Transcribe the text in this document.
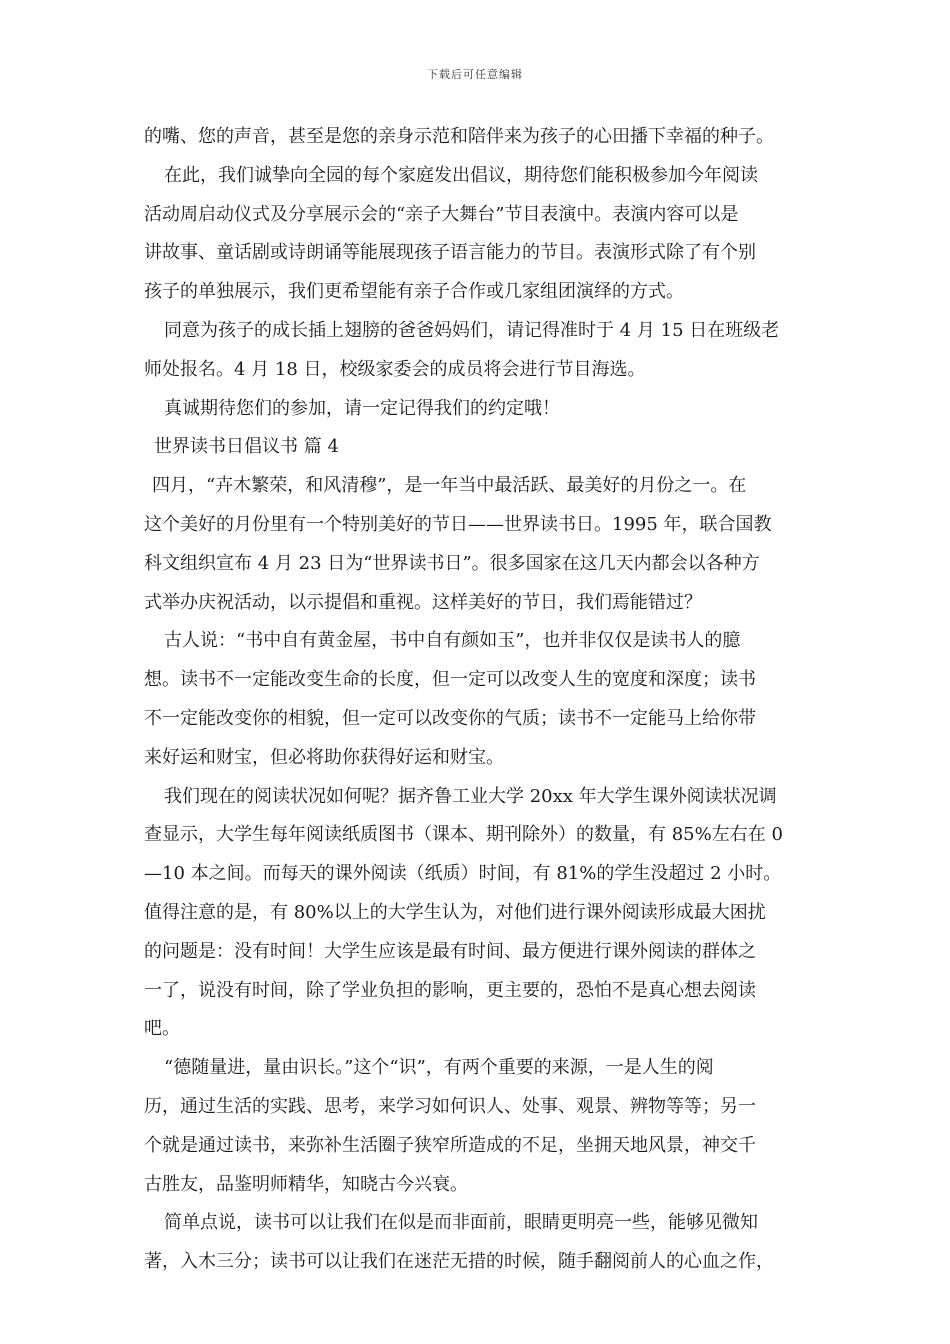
下载后可任意编辑
的嘴、您的声音，甚至是您的亲身示范和陪伴来为孩子的心田播下幸福的种子。
在此，我们诚挚向全园的每个家庭发出倡议，期待您们能积极参加今年阅读
活动周启动仪式及分享展示会的“亲子大舞台”节目表演中。表演内容可以是
讲故事、童话剧或诗朗诵等能展现孩子语言能力的节目。表演形式除了有个别
孩子的单独展示，我们更希望能有亲子合作或几家组团演绎的方式。
同意为孩子的成长插上翅膀的爸爸妈妈们，请记得准时于 4 月 15 日在班级老
师处报名。4 月 18 日，校级家委会的成员将会进行节目海选。
真诚期待您们的参加，请一定记得我们的约定哦！
世界读书日倡议书 篇 4
四月，“卉木繁荣，和风清穆”，是一年当中最活跃、最美好的月份之一。在
这个美好的月份里有一个特别美好的节日——世界读书日。1995 年，联合国教
科文组织宣布 4 月 23 日为“世界读书日”。很多国家在这几天内都会以各种方
式举办庆祝活动，以示提倡和重视。这样美好的节日，我们焉能错过？
古人说：“书中自有黄金屋，书中自有颜如玉”，也并非仅仅是读书人的臆
想。读书不一定能改变生命的长度，但一定可以改变人生的宽度和深度；读书
不一定能改变你的相貌，但一定可以改变你的气质；读书不一定能马上给你带
来好运和财宝，但必将助你获得好运和财宝。
我们现在的阅读状况如何呢？据齐鲁工业大学 20xx 年大学生课外阅读状况调
查显示，大学生每年阅读纸质图书（课本、期刊除外）的数量，有 85%左右在 0
—10 本之间。而每天的课外阅读（纸质）时间，有 81%的学生没超过 2 小时。
值得注意的是，有 80%以上的大学生认为，对他们进行课外阅读形成最大困扰
的问题是：没有时间！大学生应该是最有时间、最方便进行课外阅读的群体之
一了，说没有时间，除了学业负担的影响，更主要的，恐怕不是真心想去阅读
吧。
“德随量进，量由识长。”这个“识”，有两个重要的来源，一是人生的阅
历，通过生活的实践、思考，来学习如何识人、处事、观景、辨物等等；另一
个就是通过读书，来弥补生活圈子狭窄所造成的不足，坐拥天地风景，神交千
古胜友，品鉴明师精华，知晓古今兴衰。
简单点说，读书可以让我们在似是而非面前，眼睛更明亮一些，能够见微知
著，入木三分；读书可以让我们在迷茫无措的时候，随手翻阅前人的心血之作，
